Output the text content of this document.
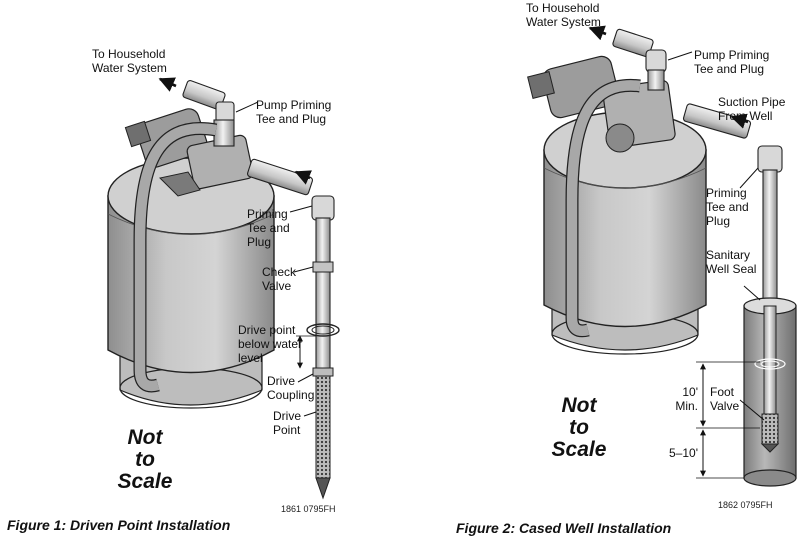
To Household
Water System
Pump Priming
Tee and Plug
Priming
Tee and
Plug
Check
Valve
Drive point
below water
level
Drive
Coupling
Drive
Point
Not
to
Scale
1861 0795FH
Figure 1: Driven Point Installation
To Household
Water System
Pump Priming
Tee and Plug
Suction Pipe
From Well
Priming
Tee and
Plug
Sanitary
Well Seal
10'
Min.
Foot
Valve
5–10'
Not
to
Scale
1862 0795FH
Figure 2: Cased Well Installation
